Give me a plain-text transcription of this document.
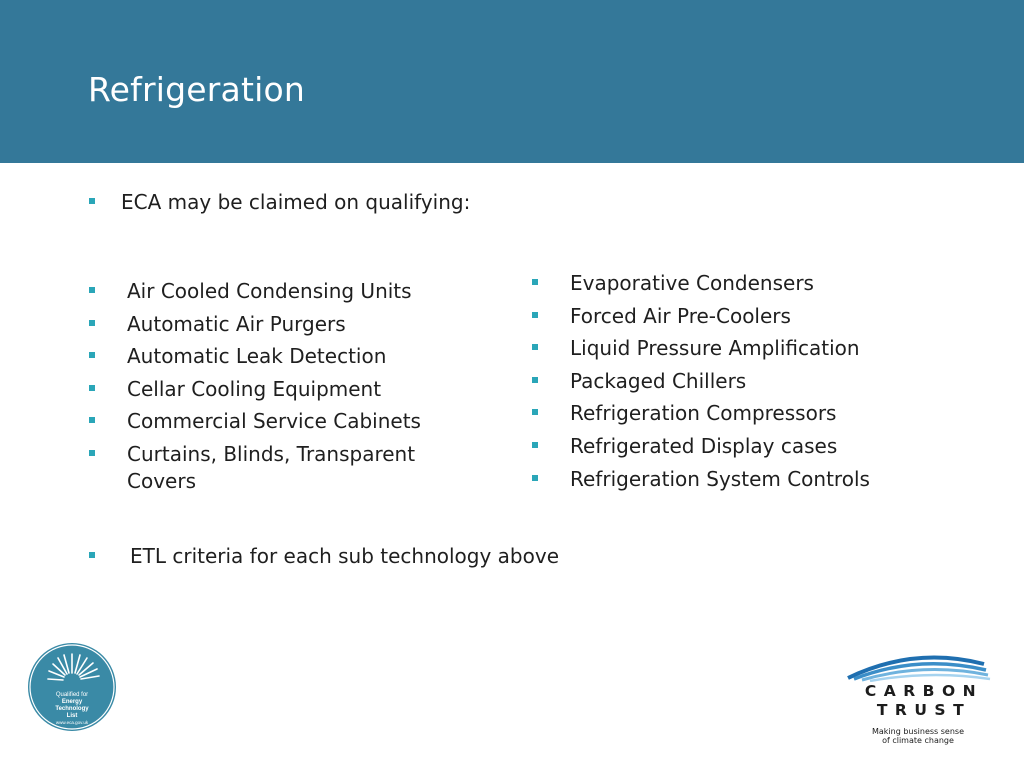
Refrigeration
ECA may be claimed on qualifying:
Air Cooled Condensing Units
Automatic Air Purgers
Automatic Leak Detection
Cellar Cooling Equipment
Commercial Service Cabinets
Curtains, Blinds, Transparent Covers
Evaporative Condensers
Forced Air Pre-Coolers
Liquid Pressure Amplification
Packaged Chillers
Refrigeration Compressors
Refrigerated Display cases
Refrigeration System Controls
ETL criteria for each sub technology above
Qualified for
Energy
Technology
List
www.eca.gov.uk
CARBON
TRUST
Making business sense
of climate change
